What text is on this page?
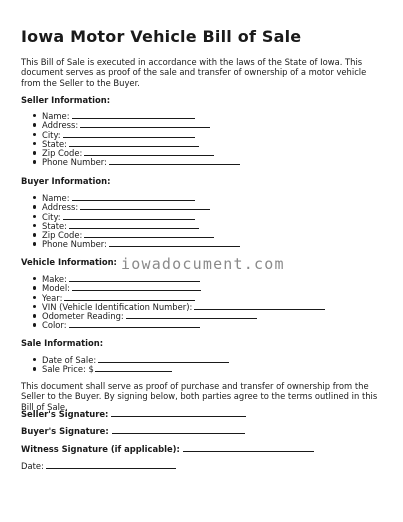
Iowa Motor Vehicle Bill of Sale

This Bill of Sale is executed in accordance with the laws of the State of Iowa. This document serves as proof of the sale and transfer of ownership of a motor vehicle from the Seller to the Buyer.

Seller Information:
Name:
Address:
City:
State:
Zip Code:
Phone Number:
Buyer Information:
Name:
Address:
City:
State:
Zip Code:
Phone Number:
Vehicle Information:
Make:
Model:
Year:
VIN (Vehicle Identification Number):
Odometer Reading:
Color:
Sale Information:
Date of Sale:
Sale Price: $

This document shall serve as proof of purchase and transfer of ownership from the Seller to the Buyer. By signing below, both parties agree to the terms outlined in this Bill of Sale.

Seller's Signature:
Buyer's Signature:
Witness Signature (if applicable):
Date:
iowadocument.com
